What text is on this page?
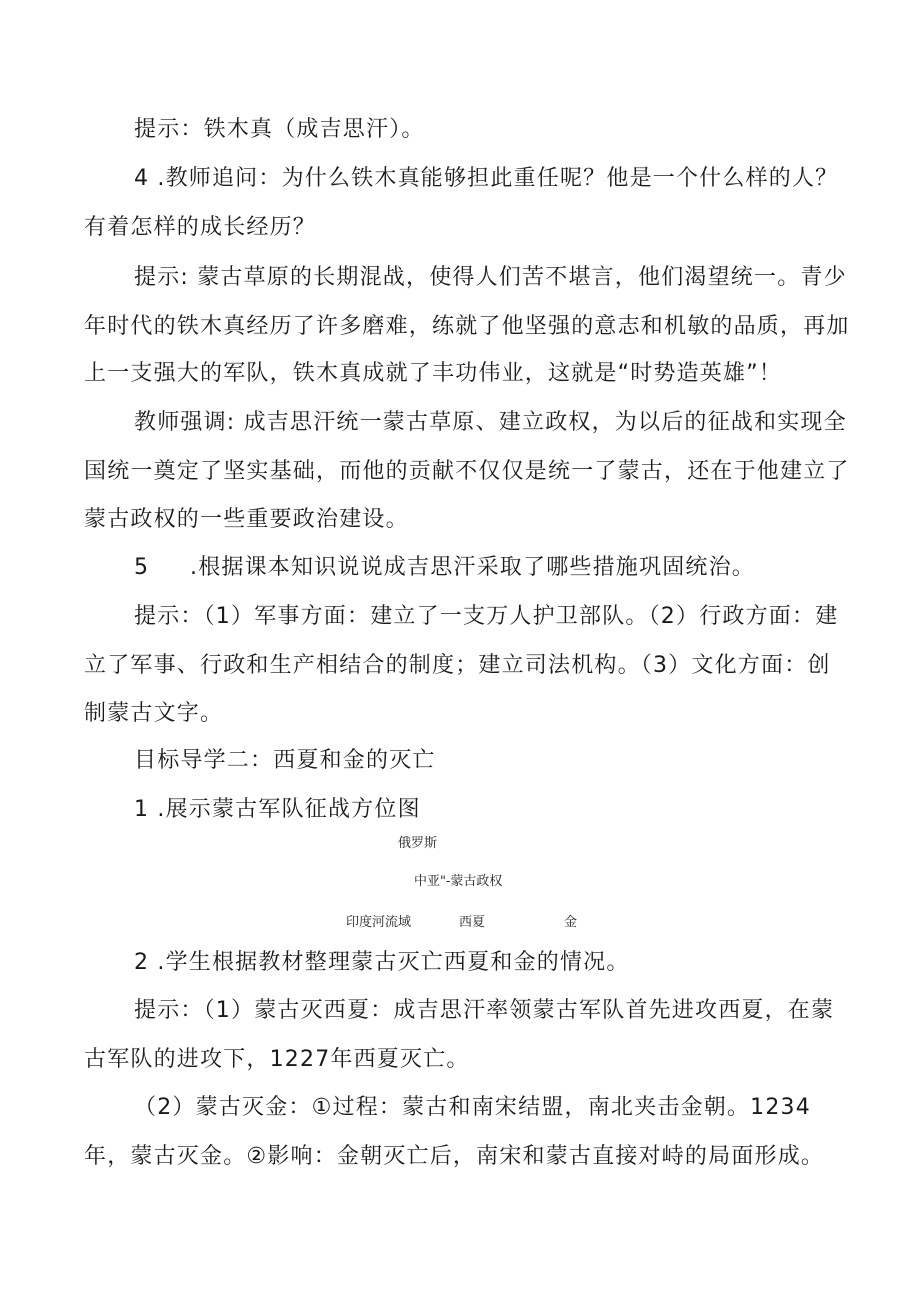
提示：铁木真（成吉思汗）。
4 .教师追问：为什么铁木真能够担此重任呢？他是一个什么样的人？
有着怎样的成长经历？
提示: 蒙古草原的长期混战，使得人们苦不堪言，他们渴望统一。青少
年时代的铁木真经历了许多磨难，练就了他坚强的意志和机敏的品质，再加
上一支强大的军队，铁木真成就了丰功伟业，这就是“时势造英雄”！
教师强调: 成吉思汗统一蒙古草原、建立政权，为以后的征战和实现全
国统一奠定了坚实基础，而他的贡献不仅仅是统一了蒙古，还在于他建立了
蒙古政权的一些重要政治建设。
5 .根据课本知识说说成吉思汗采取了哪些措施巩固统治。
提示：（1）军事方面：建立了一支万人护卫部队。（2）行政方面：建
立了军事、行政和生产相结合的制度；建立司法机构。（3）文化方面：创
制蒙古文字。
目标导学二：西夏和金的灭亡
1 .展示蒙古军队征战方位图
俄罗斯
中亚"-蒙古政权
印度河流域	西夏	金
2 .学生根据教材整理蒙古灭亡西夏和金的情况。
提示：（1）蒙古灭西夏：成吉思汗率领蒙古军队首先进攻西夏，在蒙
古军队的进攻下，1227年西夏灭亡。
（2）蒙古灭金：①过程：蒙古和南宋结盟，南北夹击金朝。1234
年，蒙古灭金。②影响：金朝灭亡后，南宋和蒙古直接对峙的局面形成。
